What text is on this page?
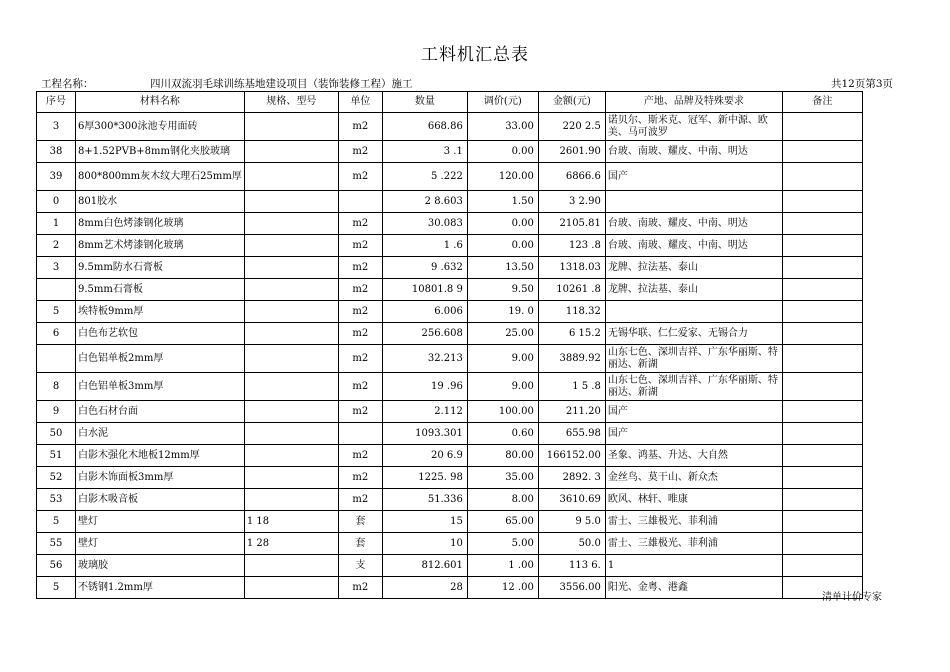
工料机汇总表
工程名称：	四川双流羽毛球训练基地建设项目（装饰装修工程）施工	共12页第3页
序号	材料名称	规格、型号	单位	数量	调价(元)	金额(元)	产地、品牌及特殊要求	备注
3	6厚300*300泳池专用面砖		m2	668.86	33.00	220 2.5	诺贝尔、斯米克、冠军、新中源、欧美、马可波罗	
38	8+1.52PVB+8mm钢化夹胶玻璃		m2	3 .1	0.00	2601.90	台玻、南玻、耀皮、中南、明达	
39	800*800mm灰木纹大理石25mm厚		m2	5 .222	120.00	6866.6	国产	
0	801胶水			2 8.603	1.50	3 2.90		
1	8mm白色烤漆钢化玻璃		m2	30.083	0.00	2105.81	台玻、南玻、耀皮、中南、明达	
2	8mm艺术烤漆钢化玻璃		m2	1 .6	0.00	123 .8	台玻、南玻、耀皮、中南、明达	
3	9.5mm防水石膏板		m2	9 .632	13.50	1318.03	龙牌、拉法基、泰山	
	9.5mm石膏板		m2	10801.8 9	9.50	10261 .8	龙牌、拉法基、泰山	
5	埃特板9mm厚		m2	6.006	19. 0	118.32		
6	白色布艺软包		m2	256.608	25.00	6 15.2	无锡华联、仁仁爱家、无锡合力	
	白色铝单板2mm厚		m2	32.213	9.00	3889.92	山东七色、深圳吉祥、广东华丽斯、特丽达、新湖	
8	白色铝单板3mm厚		m2	19 .96	9.00	1 5 .8	山东七色、深圳吉祥、广东华丽斯、特丽达、新湖	
9	白色石材台面		m2	2.112	100.00	211.20	国产	
50	白水泥			1093.301	0.60	655.98	国产	
51	白影木强化木地板12mm厚		m2	20 6.9	80.00	166152.00	圣象、鸿基、升达、大自然	
52	白影木饰面板3mm厚		m2	1225. 98	35.00	2892. 3	金丝鸟、莫干山、新众杰	
53	白影木吸音板		m2	51.336	8.00	3610.69	欧风、林轩、唯康	
5	壁灯	1 18	套	15	65.00	9 5.0	雷士、三雄极光、菲利浦	
55	壁灯	1 28	套	10	5.00	50.0	雷士、三雄极光、菲利浦	
56	玻璃胶		支	812.601	1 .00	113 6.	1	
5	不锈钢1.2mm厚		m2	28	12 .00	3556.00	阳光、金粤、港鑫	
清单计价专家
